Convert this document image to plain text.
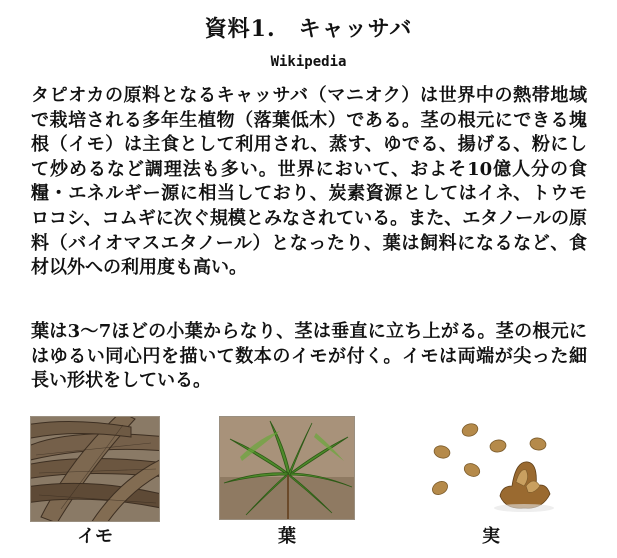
資料1.　キャッサバ
Wikipedia

タピオカの原料となるキャッサバ（マニオク）は世界中の熱帯地域で栽培される多年生植物（落葉低木）である。茎の根元にできる塊根（イモ）は主食として利用され、蒸す、ゆでる、揚げる、粉にして炒めるなど調理法も多い。世界において、およそ10億人分の食糧・エネルギー源に相当しており、炭素資源としてはイネ、トウモロコシ、コムギに次ぐ規模とみなされている。また、エタノールの原料（バイオマスエタノール）となったり、葉は飼料になるなど、食材以外への利用度も高い。

葉は3～7ほどの小葉からなり、茎は垂直に立ち上がる。茎の根元にはゆるい同心円を描いて数本のイモが付く。イモは両端が尖った細長い形状をしている。

イモ	葉	実
